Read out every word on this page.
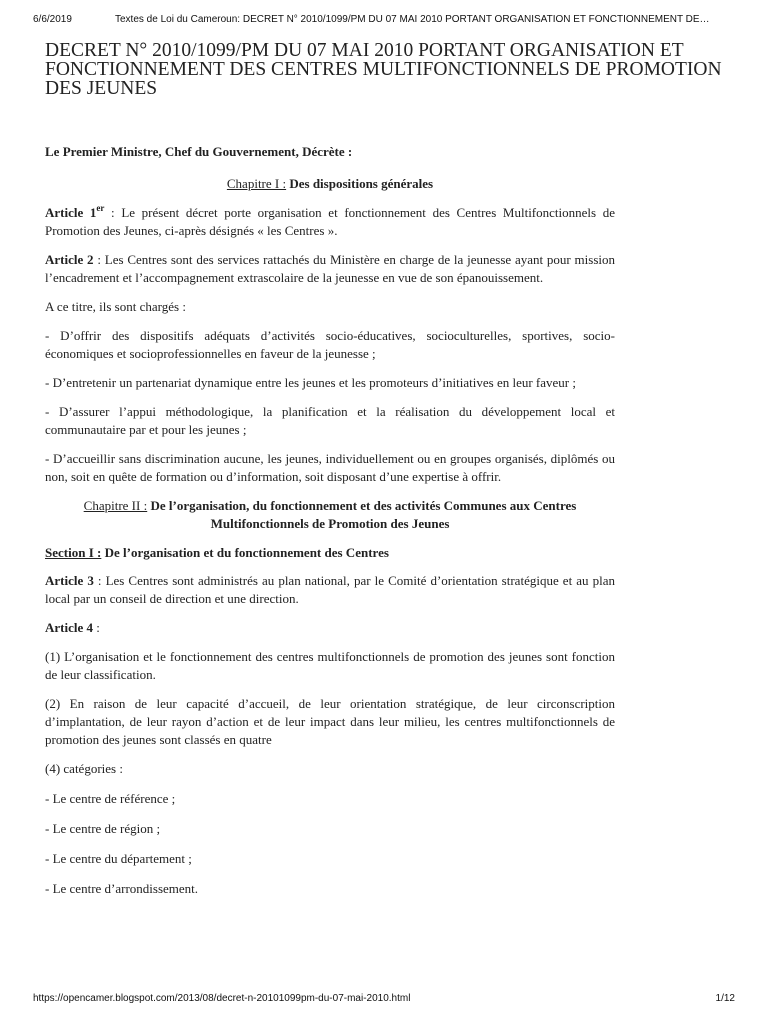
6/6/2019	Textes de Loi du Cameroun: DECRET N° 2010/1099/PM DU 07 MAI 2010 PORTANT ORGANISATION ET FONCTIONNEMENT DE…
DECRET N° 2010/1099/PM DU 07 MAI 2010 PORTANT ORGANISATION ET FONCTIONNEMENT DES CENTRES MULTIFONCTIONNELS DE PROMOTION DES JEUNES

Le Premier Ministre, Chef du Gouvernement, Décrète :

Chapitre I : Des dispositions générales

Article 1er : Le présent décret porte organisation et fonctionnement des Centres Multifonctionnels de Promotion des Jeunes, ci-après désignés « les Centres ».

Article 2 : Les Centres sont des services rattachés du Ministère en charge de la jeunesse ayant pour mission l’encadrement et l’accompagnement extrascolaire de la jeunesse en vue de son épanouissement.

A ce titre, ils sont chargés :

- D’offrir des dispositifs adéquats d’activités socio-éducatives, socioculturelles, sportives, socio-économiques et socioprofessionnelles en faveur de la jeunesse ;

- D’entretenir un partenariat dynamique entre les jeunes et les promoteurs d’initiatives en leur faveur ;

- D’assurer l’appui méthodologique, la planification et la réalisation du développement local et communautaire par et pour les jeunes ;

- D’accueillir sans discrimination aucune, les jeunes, individuellement ou en groupes organisés, diplômés ou non, soit en quête de formation ou d’information, soit disposant d’une expertise à offrir.

Chapitre II : De l’organisation, du fonctionnement et des activités Communes aux Centres Multifonctionnels de Promotion des Jeunes

Section I : De l’organisation et du fonctionnement des Centres

Article 3 : Les Centres sont administrés au plan national, par le Comité d’orientation stratégique et au plan local par un conseil de direction et une direction.

Article 4 :

(1) L’organisation et le fonctionnement des centres multifonctionnels de promotion des jeunes sont fonction de leur classification.

(2) En raison de leur capacité d’accueil, de leur orientation stratégique, de leur circonscription d’implantation, de leur rayon d’action et de leur impact dans leur milieu, les centres multifonctionnels de promotion des jeunes sont classés en quatre

(4) catégories :

- Le centre de référence ;

- Le centre de région ;

- Le centre du département ;

- Le centre d’arrondissement.

https://opencamer.blogspot.com/2013/08/decret-n-20101099pm-du-07-mai-2010.html	1/12
